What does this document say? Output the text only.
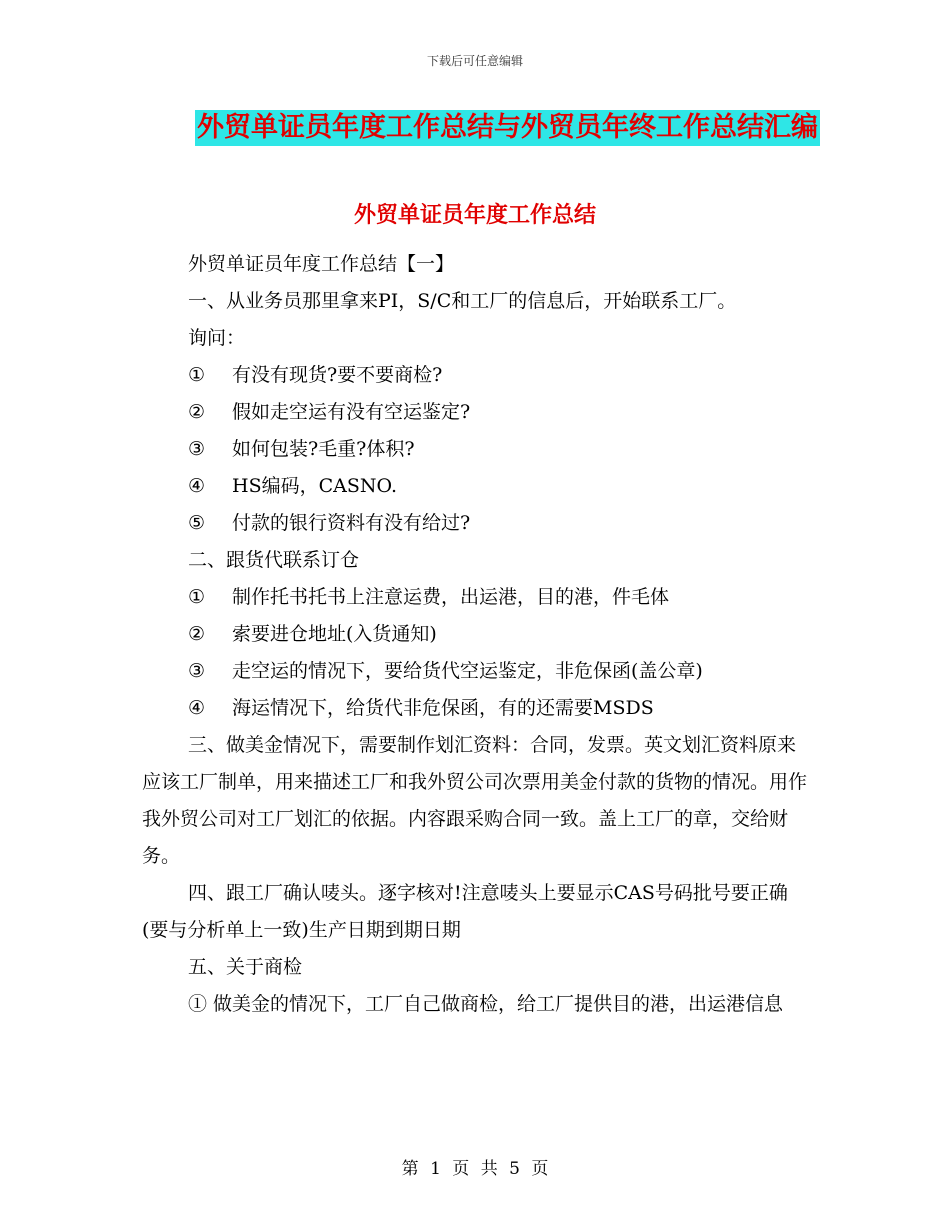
下载后可任意编辑
外贸单证员年度工作总结与外贸员年终工作总结汇编
外贸单证员年度工作总结

外贸单证员年度工作总结【一】

一、从业务员那里拿来PI，S/C和工厂的信息后，开始联系工厂。

询问：

① 有没有现货?要不要商检?

② 假如走空运有没有空运鉴定?

③ 如何包装?毛重?体积?

④ HS编码，CASNO.

⑤ 付款的银行资料有没有给过?

二、跟货代联系订仓

① 制作托书托书上注意运费，出运港，目的港，件毛体

② 索要进仓地址(入货通知)

③ 走空运的情况下，要给货代空运鉴定，非危保函(盖公章)

④ 海运情况下，给货代非危保函，有的还需要MSDS

三、做美金情况下，需要制作划汇资料：合同，发票。英文划汇资料原来应该工厂制单，用来描述工厂和我外贸公司次票用美金付款的货物的情况。用作我外贸公司对工厂划汇的依据。内容跟采购合同一致。盖上工厂的章，交给财务。

四、跟工厂确认唛头。逐字核对!注意唛头上要显示CAS号码批号要正确(要与分析单上一致)生产日期到期日期

五、关于商检

① 做美金的情况下，工厂自己做商检，给工厂提供目的港，出运港信息

第 1 页 共 5 页
